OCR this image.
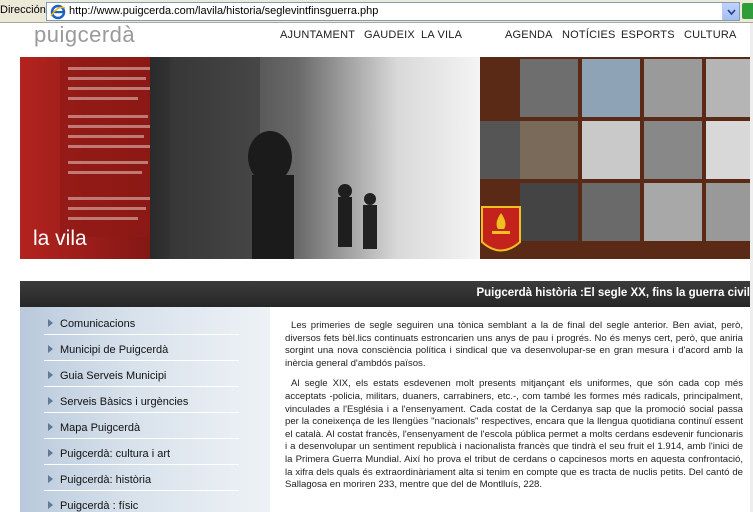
Dirección http://www.puigcerda.com/lavila/historia/seglevintfinsguerra.php
puigcerdà	AJUNTAMENT GAUDEIX LA VILA	AGENDA NOTÍCIES ESPORTS CULTURA
la vila
Puigcerdà història :El segle XX, fins la guerra civil
Comunicacions
Municipi de Puigcerdà
Guia Serveis Municipi
Serveis Bàsics i urgències
Mapa Puigcerdà
Puigcerdà: cultura i art
Puigcerdà: història
Puigcerdà : físic

Les primeries de segle seguiren una tònica semblant a la de final del segle anterior. Ben aviat, però, diversos fets bèl.lics continuats estroncarien uns anys de pau i progrés. No és menys cert, però, que aniria sorgint una nova consciència política i sindical que va desenvolupar-se en gran mesura i d'acord amb la inèrcia general d'ambdós països.

Al segle XIX, els estats esdevenen molt presents mitjançant els uniformes, que són cada cop més acceptats -policia, militars, duaners, carrabiners, etc.-, com també les formes més radicals, principalment, vinculades a l'Església i a l'ensenyament. Cada costat de la Cerdanya sap que la promoció social passa per la coneixença de les llengües "nacionals" respectives, encara que la llengua quotidiana continuï essent el català. Al costat francès, l'ensenyament de l'escola pública permet a molts cerdans esdevenir funcionaris i a desenvolupar un sentiment republicà i nacionalista francès que tindrà el seu fruit el 1.914, amb l'inici de la Primera Guerra Mundial. Així ho prova el tribut de cerdans o capcinesos morts en aquesta confrontació, la xifra dels quals és extraordinàriament alta si tenim en compte que es tracta de nuclis petits. Del cantó de Sallagosa en moriren 233, mentre que del de Montlluís, 228.
